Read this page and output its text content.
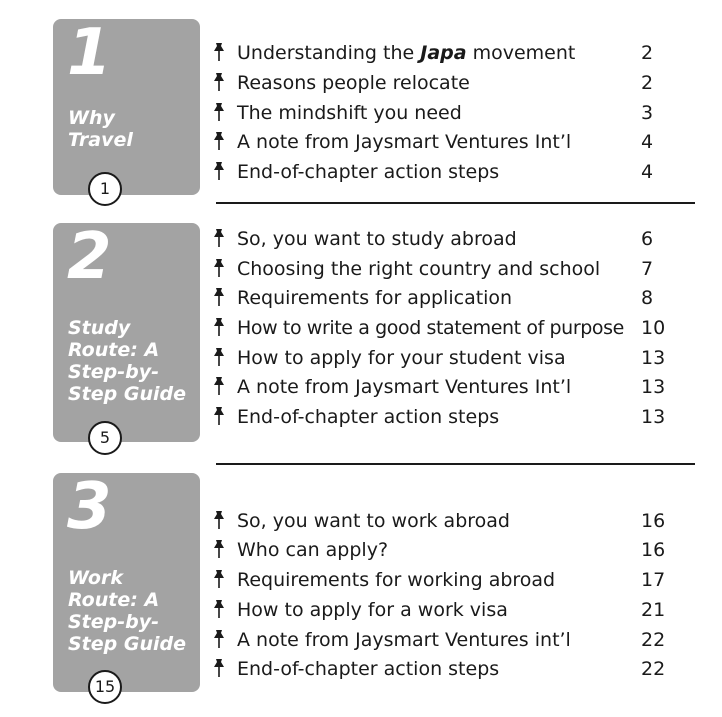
1
Why
Travel
1
Understanding the Japa movement	2
Reasons people relocate	2
The mindshift you need	3
A note from Jaysmart Ventures Int’l	4
End-of-chapter action steps	4
2
Study
Route: A
Step-by-
Step Guide
5
So, you want to study abroad	6
Choosing the right country and school 7
Requirements for application	8
How to write a good statement of purpose 10
How to apply for your student visa	13
A note from Jaysmart Ventures Int’l	13
End-of-chapter action steps	13
3
Work
Route: A
Step-by-
Step Guide
15
So, you want to work abroad	16
Who can apply?	16
Requirements for working abroad	17
How to apply for a work visa	21
A note from Jaysmart Ventures int’l	22
End-of-chapter action steps	22
